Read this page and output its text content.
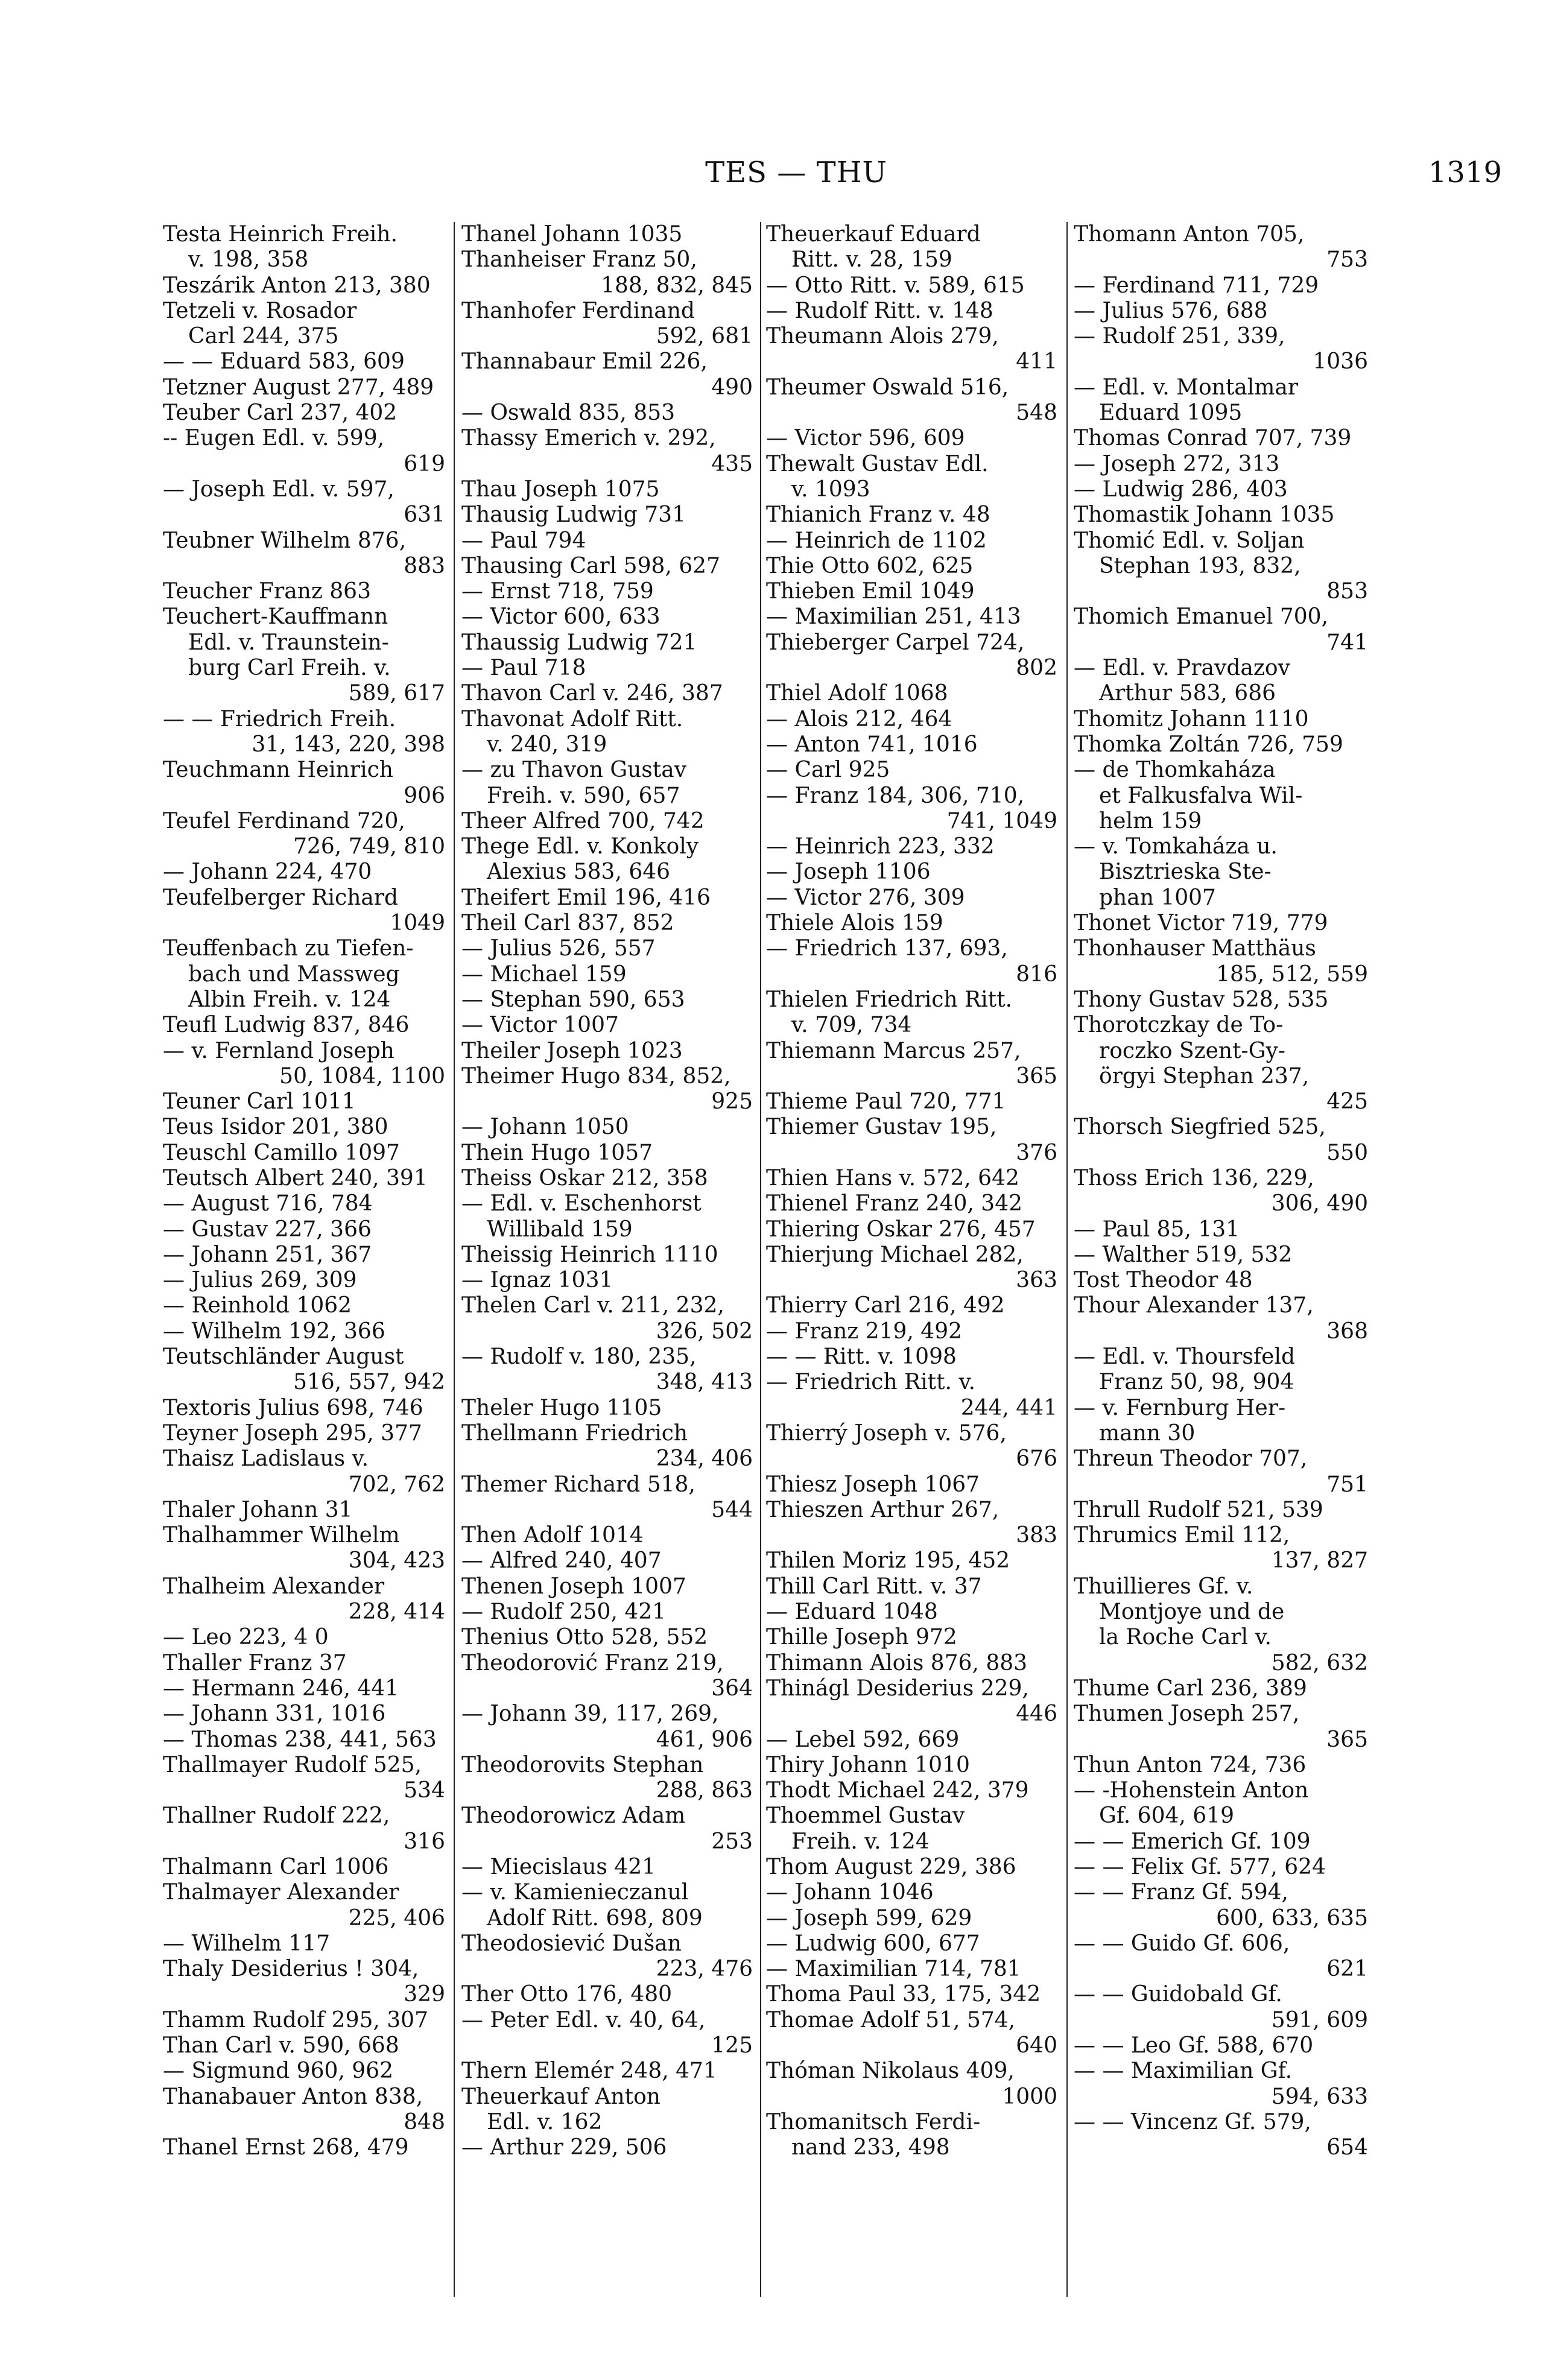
TES — THU	1319
Testa Heinrich Freih.
v. 198, 358
Teszárik Anton 213, 380
Tetzeli v. Rosador
Carl 244, 375
— — Eduard 583, 609
Tetzner August 277, 489
Teuber Carl 237, 402
-- Eugen Edl. v. 599,
619
— Joseph Edl. v. 597,
631
Teubner Wilhelm 876,
883
Teucher Franz 863
Teuchert-Kauffmann
Edl. v. Traunstein-
burg Carl Freih. v.
589, 617
— — Friedrich Freih.
31, 143, 220, 398
Teuchmann Heinrich
906
Teufel Ferdinand 720,
726, 749, 810
— Johann 224, 470
Teufelberger Richard
1049
Teuffenbach zu Tiefen-
bach und Massweg
Albin Freih. v. 124
Teufl Ludwig 837, 846
— v. Fernland Joseph
50, 1084, 1100
Teuner Carl 1011
Teus Isidor 201, 380
Teuschl Camillo 1097
Teutsch Albert 240, 391
— August 716, 784
— Gustav 227, 366
— Johann 251, 367
— Julius 269, 309
— Reinhold 1062
— Wilhelm 192, 366
Teutschländer August
516, 557, 942
Textoris Julius 698, 746
Teyner Joseph 295, 377
Thaisz Ladislaus v.
702, 762
Thaler Johann 31
Thalhammer Wilhelm
304, 423
Thalheim Alexander
228, 414
— Leo 223, 4 0
Thaller Franz 37
— Hermann 246, 441
— Johann 331, 1016
— Thomas 238, 441, 563
Thallmayer Rudolf 525,
534
Thallner Rudolf 222,
316
Thalmann Carl 1006
Thalmayer Alexander
225, 406
— Wilhelm 117
Thaly Desiderius ! 304,
329
Thamm Rudolf 295, 307
Than Carl v. 590, 668
— Sigmund 960, 962
Thanabauer Anton 838,
848
Thanel Ernst 268, 479
Thanel Johann 1035
Thanheiser Franz 50,
188, 832, 845
Thanhofer Ferdinand
592, 681
Thannabaur Emil 226,
490
— Oswald 835, 853
Thassy Emerich v. 292,
435
Thau Joseph 1075
Thausig Ludwig 731
— Paul 794
Thausing Carl 598, 627
— Ernst 718, 759
— Victor 600, 633
Thaussig Ludwig 721
— Paul 718
Thavon Carl v. 246, 387
Thavonat Adolf Ritt.
v. 240, 319
— zu Thavon Gustav
Freih. v. 590, 657
Theer Alfred 700, 742
Thege Edl. v. Konkoly
Alexius 583, 646
Theifert Emil 196, 416
Theil Carl 837, 852
— Julius 526, 557
— Michael 159
— Stephan 590, 653
— Victor 1007
Theiler Joseph 1023
Theimer Hugo 834, 852,
925
— Johann 1050
Thein Hugo 1057
Theiss Oskar 212, 358
— Edl. v. Eschenhorst
Willibald 159
Theissig Heinrich 1110
— Ignaz 1031
Thelen Carl v. 211, 232,
326, 502
— Rudolf v. 180, 235,
348, 413
Theler Hugo 1105
Thellmann Friedrich
234, 406
Themer Richard 518,
544
Then Adolf 1014
— Alfred 240, 407
Thenen Joseph 1007
— Rudolf 250, 421
Thenius Otto 528, 552
Theodorović Franz 219,
364
— Johann 39, 117, 269,
461, 906
Theodorovits Stephan
288, 863
Theodorowicz Adam
253
— Miecislaus 421
— v. Kamienieczanul
Adolf Ritt. 698, 809
Theodosiević Dušan
223, 476
Ther Otto 176, 480
— Peter Edl. v. 40, 64,
125
Thern Elemér 248, 471
Theuerkauf Anton
Edl. v. 162
— Arthur 229, 506
Theuerkauf Eduard
Ritt. v. 28, 159
— Otto Ritt. v. 589, 615
— Rudolf Ritt. v. 148
Theumann Alois 279,
411
Theumer Oswald 516,
548
— Victor 596, 609
Thewalt Gustav Edl.
v. 1093
Thianich Franz v. 48
— Heinrich de 1102
Thie Otto 602, 625
Thieben Emil 1049
— Maximilian 251, 413
Thieberger Carpel 724,
802
Thiel Adolf 1068
— Alois 212, 464
— Anton 741, 1016
— Carl 925
— Franz 184, 306, 710,
741, 1049
— Heinrich 223, 332
— Joseph 1106
— Victor 276, 309
Thiele Alois 159
— Friedrich 137, 693,
816
Thielen Friedrich Ritt.
v. 709, 734
Thiemann Marcus 257,
365
Thieme Paul 720, 771
Thiemer Gustav 195,
376
Thien Hans v. 572, 642
Thienel Franz 240, 342
Thiering Oskar 276, 457
Thierjung Michael 282,
363
Thierry Carl 216, 492
— Franz 219, 492
— — Ritt. v. 1098
— Friedrich Ritt. v.
244, 441
Thierrý Joseph v. 576,
676
Thiesz Joseph 1067
Thieszen Arthur 267,
383
Thilen Moriz 195, 452
Thill Carl Ritt. v. 37
— Eduard 1048
Thille Joseph 972
Thimann Alois 876, 883
Thinágl Desiderius 229,
446
— Lebel 592, 669
Thiry Johann 1010
Thodt Michael 242, 379
Thoemmel Gustav
Freih. v. 124
Thom August 229, 386
— Johann 1046
— Joseph 599, 629
— Ludwig 600, 677
— Maximilian 714, 781
Thoma Paul 33, 175, 342
Thomae Adolf 51, 574,
640
Thóman Nikolaus 409,
1000
Thomanitsch Ferdi-
nand 233, 498
Thomann Anton 705,
753
— Ferdinand 711, 729
— Julius 576, 688
— Rudolf 251, 339,
1036
— Edl. v. Montalmar
Eduard 1095
Thomas Conrad 707, 739
— Joseph 272, 313
— Ludwig 286, 403
Thomastik Johann 1035
Thomić Edl. v. Soljan
Stephan 193, 832,
853
Thomich Emanuel 700,
741
— Edl. v. Pravdazov
Arthur 583, 686
Thomitz Johann 1110
Thomka Zoltán 726, 759
— de Thomkaháza
et Falkusfalva Wil-
helm 159
— v. Tomkaháza u.
Bisztrieska Ste-
phan 1007
Thonet Victor 719, 779
Thonhauser Matthäus
185, 512, 559
Thony Gustav 528, 535
Thorotczkay de To-
roczko Szent-Gy-
örgyi Stephan 237,
425
Thorsch Siegfried 525,
550
Thoss Erich 136, 229,
306, 490
— Paul 85, 131
— Walther 519, 532
Tost Theodor 48
Thour Alexander 137,
368
— Edl. v. Thoursfeld
Franz 50, 98, 904
— v. Fernburg Her-
mann 30
Threun Theodor 707,
751
Thrull Rudolf 521, 539
Thrumics Emil 112,
137, 827
Thuillieres Gf. v.
Montjoye und de
la Roche Carl v.
582, 632
Thume Carl 236, 389
Thumen Joseph 257,
365
Thun Anton 724, 736
— -Hohenstein Anton
Gf. 604, 619
— — Emerich Gf. 109
— — Felix Gf. 577, 624
— — Franz Gf. 594,
600, 633, 635
— — Guido Gf. 606,
621
— — Guidobald Gf.
591, 609
— — Leo Gf. 588, 670
— — Maximilian Gf.
594, 633
— — Vincenz Gf. 579,
654
